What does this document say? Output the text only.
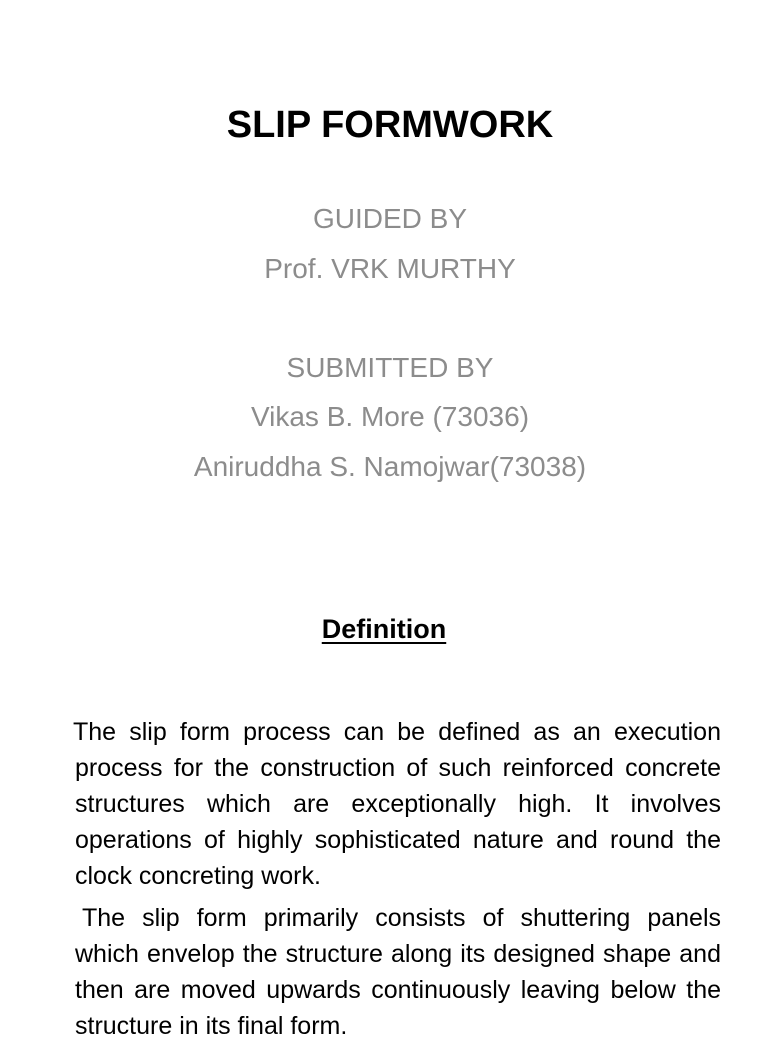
SLIP FORMWORK
GUIDED BY
Prof. VRK MURTHY
SUBMITTED BY
Vikas B. More (73036)
Aniruddha S. Namojwar(73038)
Definition

The slip form process can be defined as an execution process for the construction of such reinforced concrete structures which are exceptionally high. It involves operations of highly sophisticated nature and round the clock concreting work.

The slip form primarily consists of shuttering panels which envelop the structure along its designed shape and then are moved upwards continuously leaving below the structure in its final form.
